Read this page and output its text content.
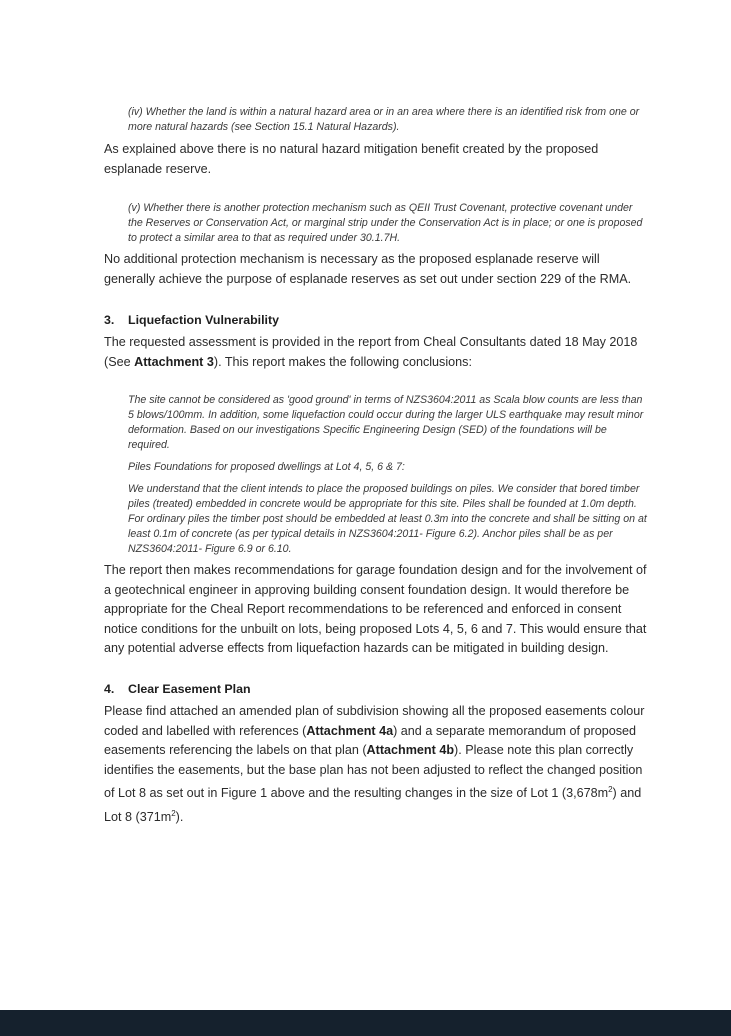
(iv) Whether the land is within a natural hazard area or in an area where there is an identified risk from one or more natural hazards (see Section 15.1 Natural Hazards).
As explained above there is no natural hazard mitigation benefit created by the proposed esplanade reserve.
(v) Whether there is another protection mechanism such as QEII Trust Covenant, protective covenant under the Reserves or Conservation Act, or marginal strip under the Conservation Act is in place; or one is proposed to protect a similar area to that as required under 30.1.7H.
No additional protection mechanism is necessary as the proposed esplanade reserve will generally achieve the purpose of esplanade reserves as set out under section 229 of the RMA.
3. Liquefaction Vulnerability
The requested assessment is provided in the report from Cheal Consultants dated 18 May 2018 (See Attachment 3). This report makes the following conclusions:
The site cannot be considered as 'good ground' in terms of NZS3604:2011 as Scala blow counts are less than 5 blows/100mm. In addition, some liquefaction could occur during the larger ULS earthquake may result minor deformation. Based on our investigations Specific Engineering Design (SED) of the foundations will be required.
Piles Foundations for proposed dwellings at Lot 4, 5, 6 & 7:
We understand that the client intends to place the proposed buildings on piles. We consider that bored timber piles (treated) embedded in concrete would be appropriate for this site. Piles shall be founded at 1.0m depth. For ordinary piles the timber post should be embedded at least 0.3m into the concrete and shall be sitting on at least 0.1m of concrete (as per typical details in NZS3604:2011- Figure 6.2). Anchor piles shall be as per NZS3604:2011- Figure 6.9 or 6.10.
The report then makes recommendations for garage foundation design and for the involvement of a geotechnical engineer in approving building consent foundation design. It would therefore be appropriate for the Cheal Report recommendations to be referenced and enforced in consent notice conditions for the unbuilt on lots, being proposed Lots 4, 5, 6 and 7. This would ensure that any potential adverse effects from liquefaction hazards can be mitigated in building design.
4. Clear Easement Plan
Please find attached an amended plan of subdivision showing all the proposed easements colour coded and labelled with references (Attachment 4a) and a separate memorandum of proposed easements referencing the labels on that plan (Attachment 4b). Please note this plan correctly identifies the easements, but the base plan has not been adjusted to reflect the changed position of Lot 8 as set out in Figure 1 above and the resulting changes in the size of Lot 1 $(3,678m^2)$ and Lot 8 $(371m^2)$.
